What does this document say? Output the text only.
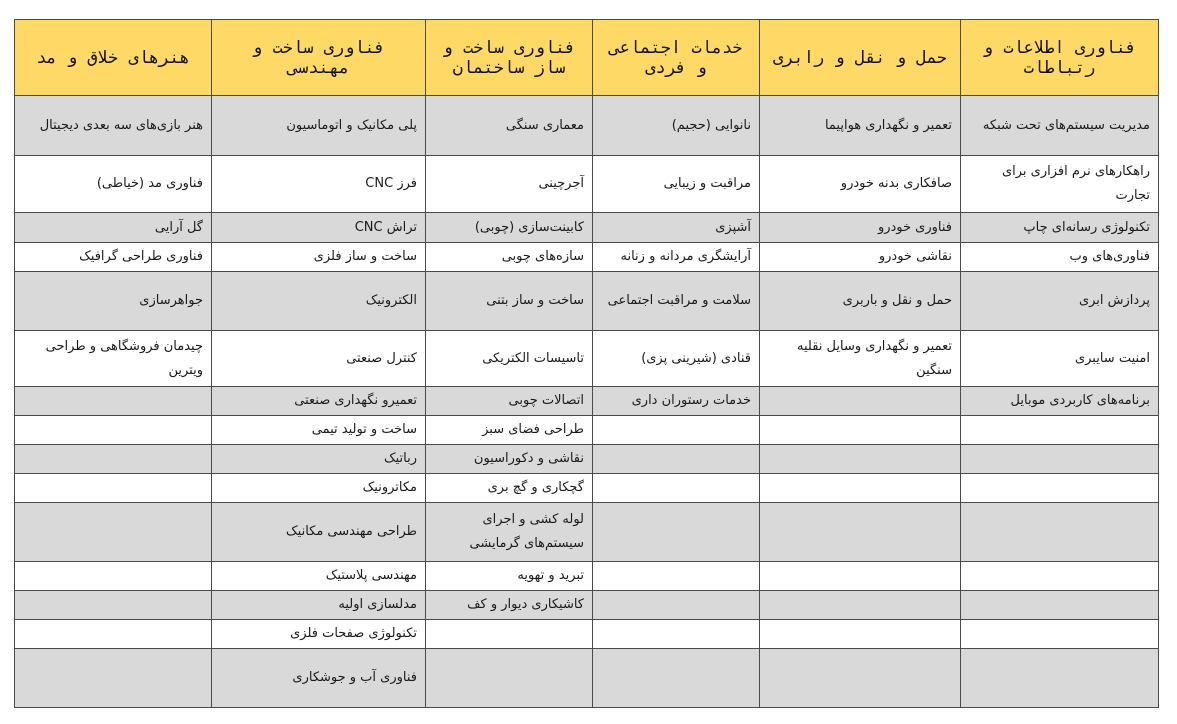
فناوری اطلاعات و رتباطات	حمل و نقل و رابری	خدمات اجتماعی و فردی	فناوری ساخت و ساز ساختمان	فناوری ساخت و مهندسی	هنرهای خلاق و مد
مدیریت سیستم‌های تحت شبکه	تعمیر و نگهداری هواپیما	نانوایی (حجیم)	معماری سنگی	پلی مکانیک و اتوماسیون	هنر بازی‌های سه بعدی دیجیتال
راهکارهای نرم افزاری برای تجارت	صافکاری بدنه خودرو	مراقبت و زیبایی	آجرچینی	فرز CNC	فناوری مد (خیاطی)
تکنولوژی رسانه‌ای چاپ	فناوری خودرو	آشپزی	کابینت‌سازی (چوبی)	تراش CNC	گل آرایی
فناوری‌های وب	نقاشی خودرو	آرایشگری مردانه و زنانه	سازه‌های چوبی	ساخت و ساز فلزی	فناوری طراحی گرافیک
پردازش ابری	حمل و نقل و باربری	سلامت و مراقبت اجتماعی	ساخت و ساز بتنی	الکترونیک	جواهرسازی
امنیت سایبری	تعمیر و نگهداری وسایل نقلیه سنگین	قنادی (شیرینی پزی)	تاسیسات الکتریکی	کنترل صنعتی	چیدمان فروشگاهی و طراحی ویترین
برنامه‌های کاربردی موبایل		خدمات رستوران داری	اتصالات چوبی	تعمیرو نگهداری صنعتی	
			طراحی فضای سبز	ساخت و تولید تیمی	
			نقاشی و دکوراسیون	رباتیک	
			گچکاری و گچ بری	مکاترونیک	
			لوله کشی و اجرای سیستم‌های گرمایشی	طراحی مهندسی مکانیک	
			تبرید و تهویه	مهندسی پلاستیک	
			کاشیکاری دیوار و کف	مدلسازی اولیه	
				تکنولوژی صفحات فلزی	
				فناوری آب و جوشکاری	
